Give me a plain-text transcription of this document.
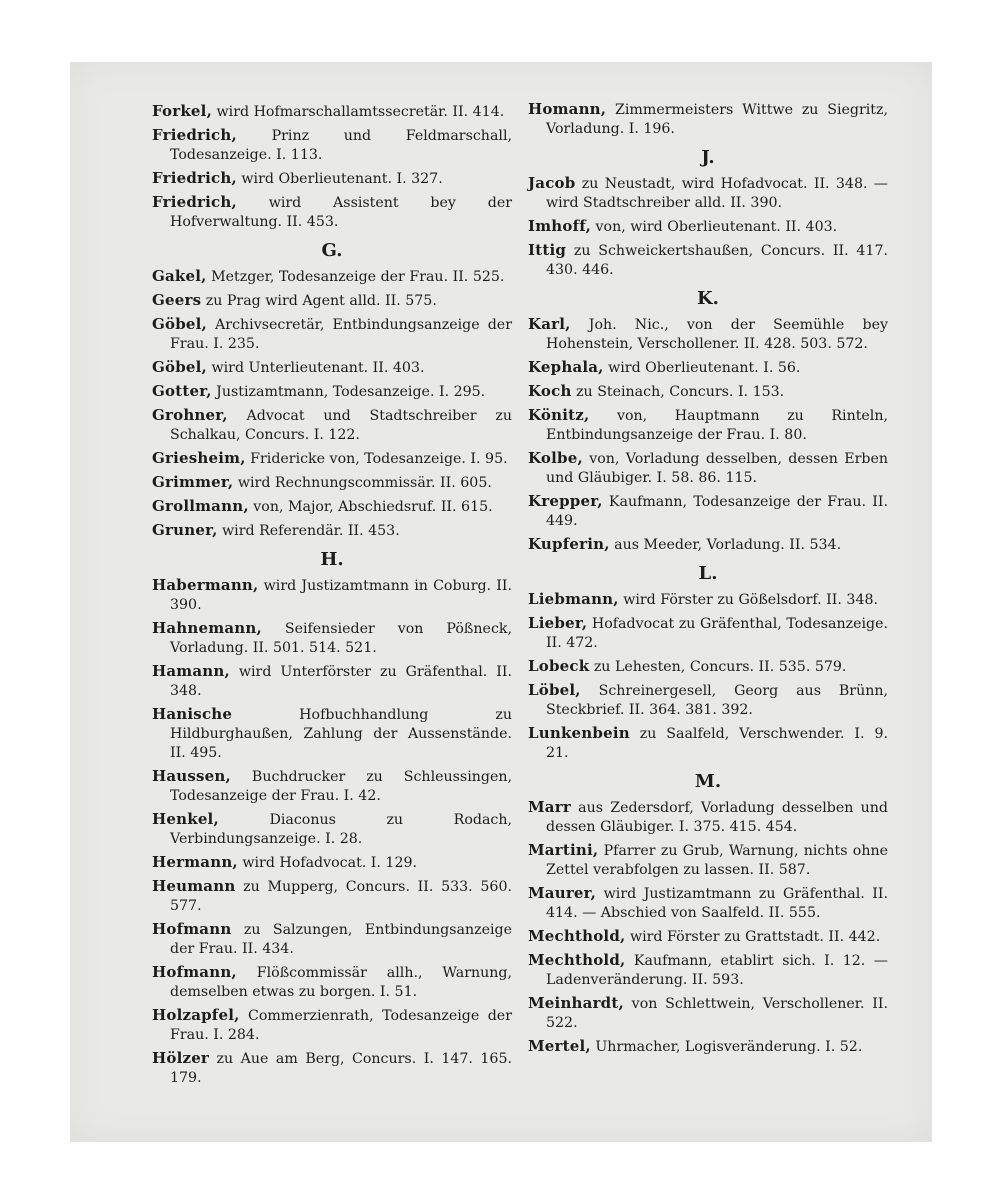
Forkel, wird Hofmarschallamtssecretär. II. 414.
Friedrich, Prinz und Feldmarschall, Todesanzeige. I. 113.
Friedrich, wird Oberlieutenant. I. 327.
Friedrich, wird Assistent bey der Hofverwaltung. II. 453.
G.
Gakel, Metzger, Todesanzeige der Frau. II. 525.
Geers zu Prag wird Agent alld. II. 575.
Göbel, Archivsecretär, Entbindungsanzeige der Frau. I. 235.
Göbel, wird Unterlieutenant. II. 403.
Gotter, Justizamtmann, Todesanzeige. I. 295.
Grohner, Advocat und Stadtschreiber zu Schalkau, Concurs. I. 122.
Griesheim, Fridericke von, Todesanzeige. I. 95.
Grimmer, wird Rechnungscommissär. II. 605.
Grollmann, von, Major, Abschiedsruf. II. 615.
Gruner, wird Referendär. II. 453.
H.
Habermann, wird Justizamtmann in Coburg. II. 390.
Hahnemann, Seifensieder von Pößneck, Vorladung. II. 501. 514. 521.
Hamann, wird Unterförster zu Gräfenthal. II. 348.
Hanische Hofbuchhandlung zu Hildburghaußen, Zahlung der Aussenstände. II. 495.
Haussen, Buchdrucker zu Schleussingen, Todesanzeige der Frau. I. 42.
Henkel, Diaconus zu Rodach, Verbindungsanzeige. I. 28.
Hermann, wird Hofadvocat. I. 129.
Heumann zu Mupperg, Concurs. II. 533. 560. 577.
Hofmann zu Salzungen, Entbindungsanzeige der Frau. II. 434.
Hofmann, Flößcommissär allh., Warnung, demselben etwas zu borgen. I. 51.
Holzapfel, Commerzienrath, Todesanzeige der Frau. I. 284.
Hölzer zu Aue am Berg, Concurs. I. 147. 165. 179.
Homann, Zimmermeisters Wittwe zu Siegritz, Vorladung. I. 196.
J.
Jacob zu Neustadt, wird Hofadvocat. II. 348. — wird Stadtschreiber alld. II. 390.
Imhoff, von, wird Oberlieutenant. II. 403.
Ittig zu Schweickertshaußen, Concurs. II. 417. 430. 446.
K.
Karl, Joh. Nic., von der Seemühle bey Hohenstein, Verschollener. II. 428. 503. 572.
Kephala, wird Oberlieutenant. I. 56.
Koch zu Steinach, Concurs. I. 153.
Könitz, von, Hauptmann zu Rinteln, Entbindungsanzeige der Frau. I. 80.
Kolbe, von, Vorladung desselben, dessen Erben und Gläubiger. I. 58. 86. 115.
Krepper, Kaufmann, Todesanzeige der Frau. II. 449.
Kupferin, aus Meeder, Vorladung. II. 534.
L.
Liebmann, wird Förster zu Gößelsdorf. II. 348.
Lieber, Hofadvocat zu Gräfenthal, Todesanzeige. II. 472.
Lobeck zu Lehesten, Concurs. II. 535. 579.
Löbel, Schreinergesell, Georg aus Brünn, Steckbrief. II. 364. 381. 392.
Lunkenbein zu Saalfeld, Verschwender. I. 9. 21.
M.
Marr aus Zedersdorf, Vorladung desselben und dessen Gläubiger. I. 375. 415. 454.
Martini, Pfarrer zu Grub, Warnung, nichts ohne Zettel verabfolgen zu lassen. II. 587.
Maurer, wird Justizamtmann zu Gräfenthal. II. 414. — Abschied von Saalfeld. II. 555.
Mechthold, wird Förster zu Grattstadt. II. 442.
Mechthold, Kaufmann, etablirt sich. I. 12. — Ladenveränderung. II. 593.
Meinhardt, von Schlettwein, Verschollener. II. 522.
Mertel, Uhrmacher, Logisveränderung. I. 52.
